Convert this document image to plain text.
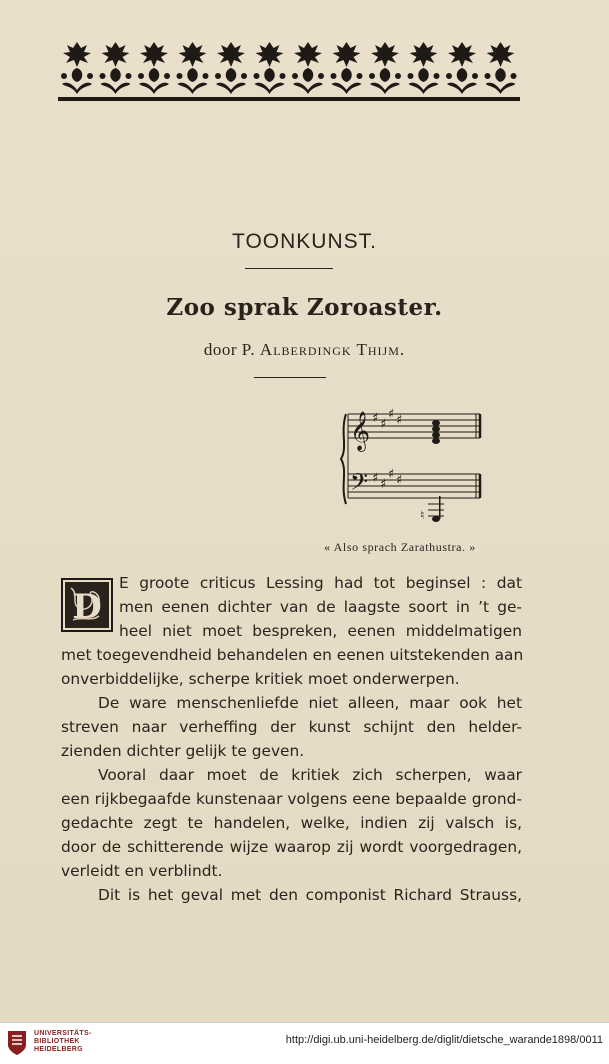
TOONKUNST.
Zoo sprak Zoroaster.
door P. Alberdingk Thijm.
𝄞
𝄢
♯ ♯
♯ ♯
♯ ♯
♯ ♯
♮
« Also sprach Zarathustra. »
D
E groote criticus Lessing had tot beginsel : dat
men eenen dichter van de laagste soort in ’t ge-
heel niet moet bespreken, eenen middelmatigen
met toegevendheid behandelen en eenen uitstekenden aan
onverbiddelijke, scherpe kritiek moet onderwerpen.
De ware menschenliefde niet alleen, maar ook het
streven naar verheffing der kunst schijnt den helder-
zienden dichter gelijk te geven.
Vooral daar moet de kritiek zich scherpen, waar
een rijkbegaafde kunstenaar volgens eene bepaalde grond-
gedachte zegt te handelen, welke, indien zij valsch is,
door de schitterende wijze waarop zij wordt voorgedragen,
verleidt en verblindt.
Dit is het geval met den componist Richard Strauss,
UNIVERSITÄTS-
BIBLIOTHEK
HEIDELBERG
http://digi.ub.uni-heidelberg.de/diglit/dietsche_warande1898/0011
